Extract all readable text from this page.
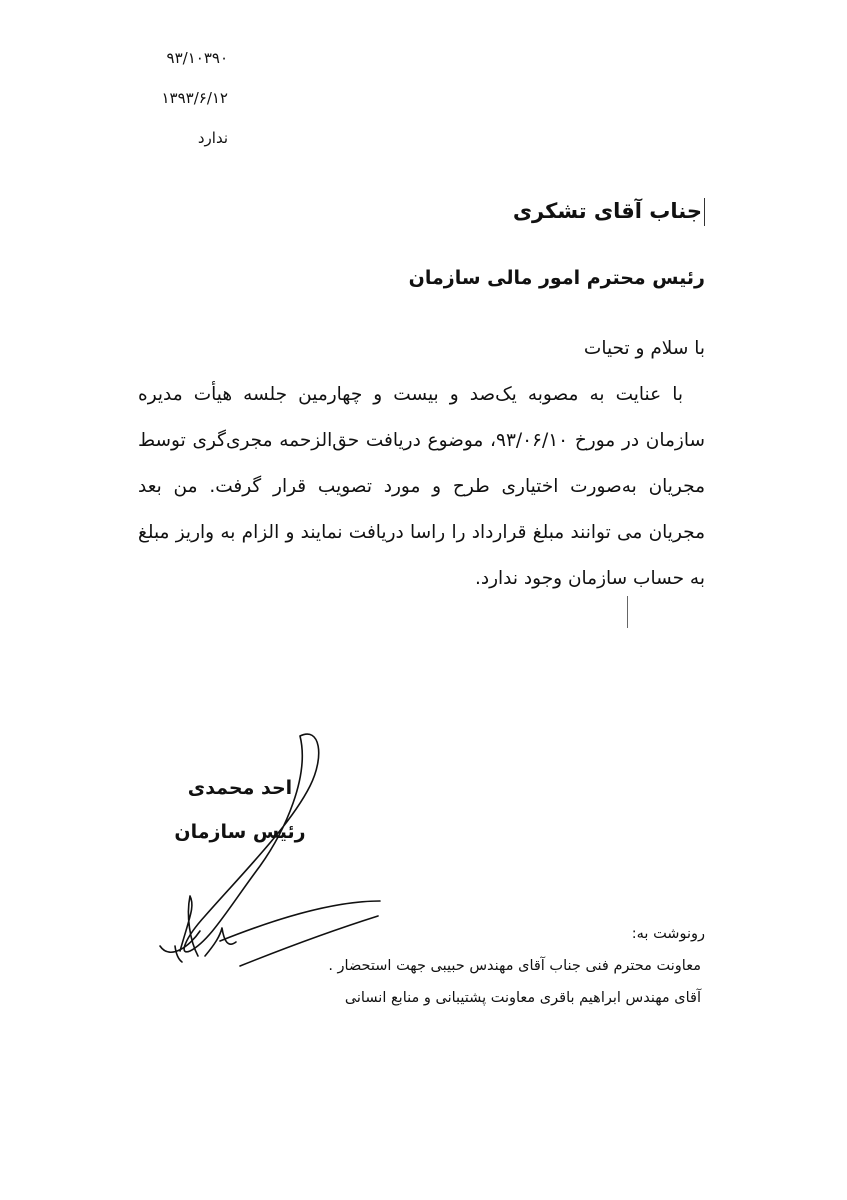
۹۳/۱۰۳۹۰
۱۳۹۳/۶/۱۲
ندارد
جناب آقای تشکری
رئیس محترم امور مالی سازمان

با سلام و تحیات

با عنایت به مصوبه یک‌صد و بیست و چهارمین جلسه هیأت مدیره سازمان در مورخ ۹۳/۰۶/۱۰، موضوع دریافت حق‌الزحمه مجری‌گری توسط مجریان به‌صورت اختیاری طرح و مورد تصویب قرار گرفت. من بعد مجریان می توانند مبلغ قرارداد را راسا دریافت نمایند و الزام به واریز مبلغ به حساب سازمان وجود ندارد.

احد محمدی
رئیس سازمان
رونوشت به:
معاونت محترم فنی جناب آقای مهندس حبیبی جهت استحضار .
آقای مهندس ابراهیم باقری معاونت پشتیبانی و منابع انسانی
